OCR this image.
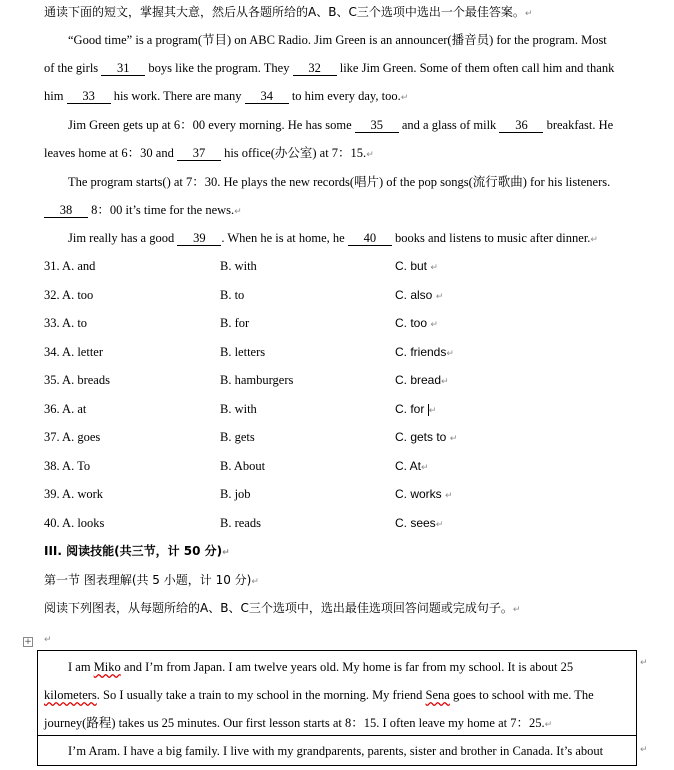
通读下面的短文，掌握其大意，然后从各题所给的A、B、C三个选项中选出一个最佳答案。↵
“Good time” is a program(节目) on ABC Radio. Jim Green is an announcer(播音员) for the program. Most
of the girls 31 boys like the program. They 32 like Jim Green. Some of them often call him and thank
him 33 his work. There are many 34 to him every day, too.↵
Jim Green gets up at 6：00 every morning. He has some 35 and a glass of milk 36 breakfast. He
leaves home at 6：30 and 37 his office(办公室) at 7：15.↵
The program starts() at 7：30. He plays the new records(唱片) of the pop songs(流行歌曲) for his listeners.
38 8：00 it’s time for the news.↵
Jim really has a good 39 . When he is at home, he 40 books and listens to music after dinner.↵
31. A. and	B. with	C. but ↵
32. A. too	B. to	C. also ↵
33. A. to	B. for	C. too ↵
34. A. letter	B. letters	C. friends↵
35. A. breads	B. hamburgers	C. bread↵
36. A. at	B. with	C. for ↵
37. A. goes	B. gets	C. gets to ↵
38. A. To	B. About	C. At↵
39. A. work	B. job	C. works ↵
40. A. looks	B. reads	C. sees↵
III. 阅读技能(共三节，计 50 分)↵
第一节 图表理解(共 5 小题，计 10 分)↵
阅读下列图表，从每题所给的A、B、C三个选项中，选出最佳选项回答问题或完成句子。↵
+ ↵
I am Miko and I’m from Japan. I am twelve years old. My home is far from my school. It is about 25
kilometers. So I usually take a train to my school in the morning. My friend Sena goes to school with me. The
journey(路程) takes us 25 minutes. Our first lesson starts at 8：15. I often leave my home at 7：25.↵
I’m Aram. I have a big family. I live with my grandparents, parents, sister and brother in Canada. It’s about
↵
↵
